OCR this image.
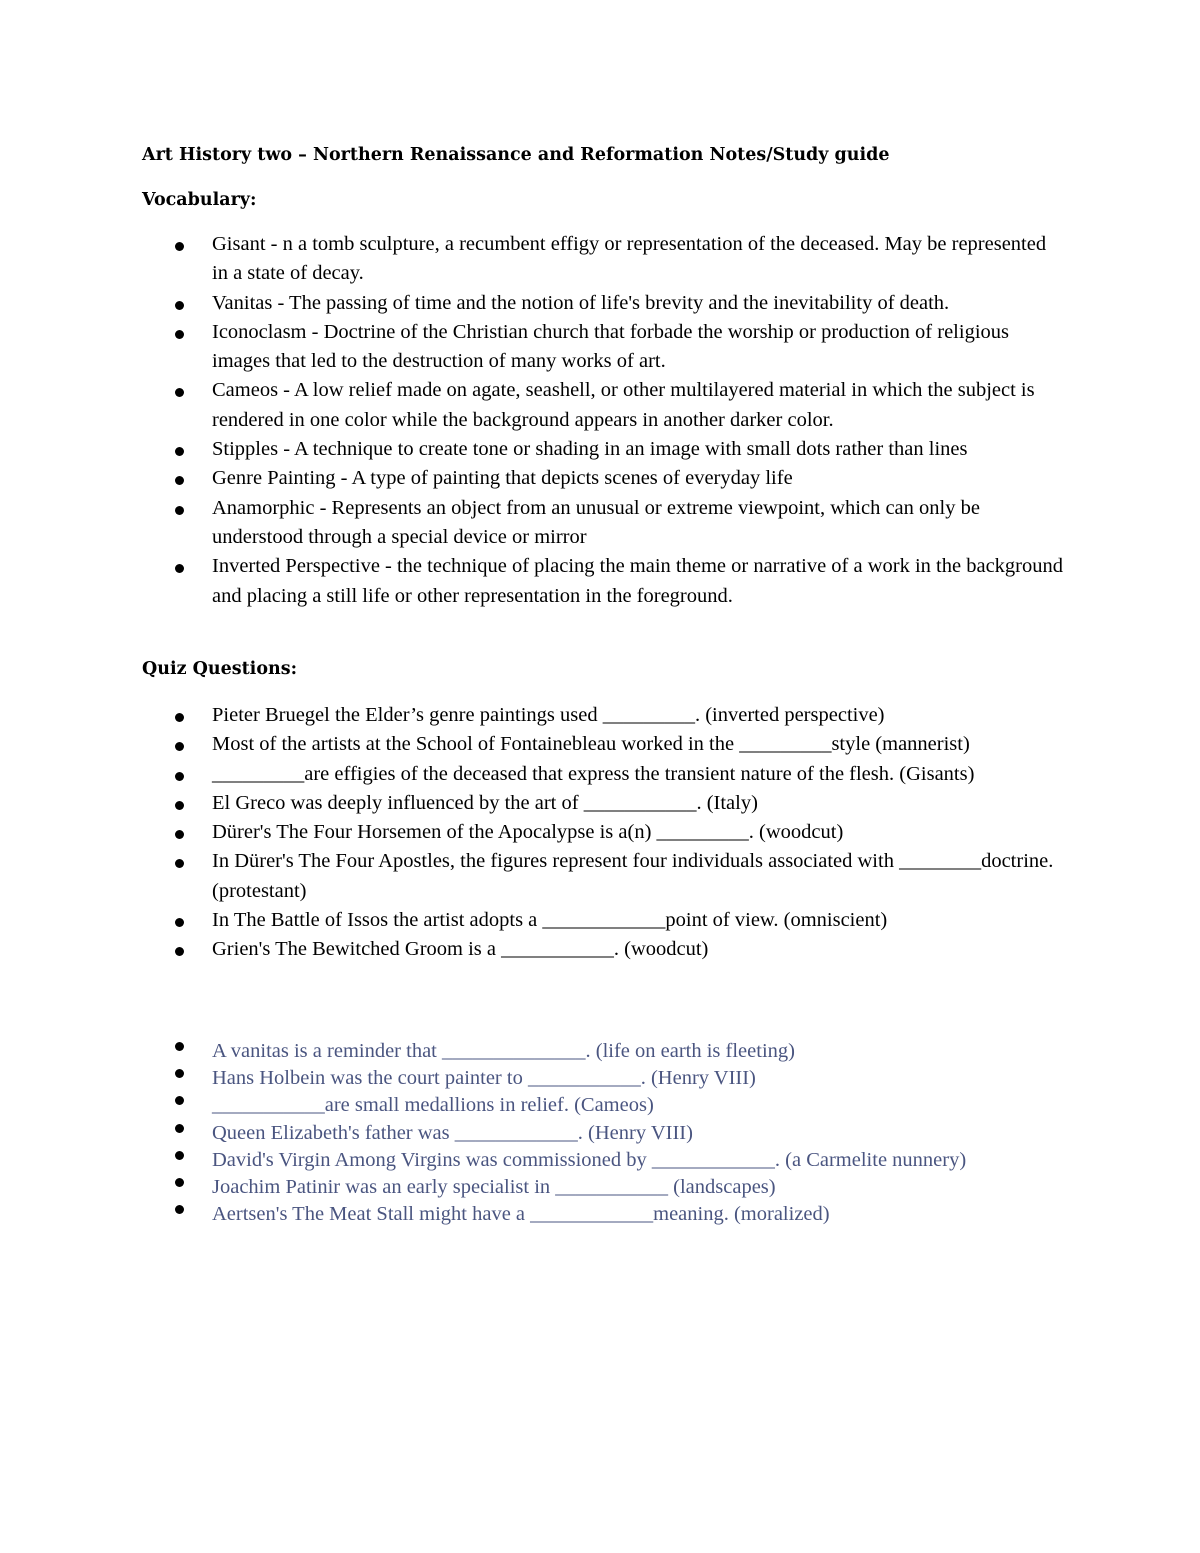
Art History two – Northern Renaissance and Reformation Notes/Study guide
Vocabulary:
Gisant - n a tomb sculpture, a recumbent effigy or representation of the deceased. May be represented in a state of decay.
Vanitas - The passing of time and the notion of life's brevity and the inevitability of death.
Iconoclasm - Doctrine of the Christian church that forbade the worship or production of religious images that led to the destruction of many works of art.
Cameos - A low relief made on agate, seashell, or other multilayered material in which the subject is rendered in one color while the background appears in another darker color.
Stipples - A technique to create tone or shading in an image with small dots rather than lines
Genre Painting - A type of painting that depicts scenes of everyday life
Anamorphic - Represents an object from an unusual or extreme viewpoint, which can only be understood through a special device or mirror
Inverted Perspective - the technique of placing the main theme or narrative of a work in the background and placing a still life or other representation in the foreground.
Quiz Questions:
Pieter Bruegel the Elder’s genre paintings used _________. (inverted perspective)
Most of the artists at the School of Fontainebleau worked in the _________style (mannerist)
_________are effigies of the deceased that express the transient nature of the flesh. (Gisants)
El Greco was deeply influenced by the art of ___________. (Italy)
Dürer's The Four Horsemen of the Apocalypse is a(n) _________. (woodcut)
In Dürer's The Four Apostles, the figures represent four individuals associated with ________doctrine. (protestant)
In The Battle of Issos the artist adopts a ____________point of view. (omniscient)
Grien's The Bewitched Groom is a ___________. (woodcut)
A vanitas is a reminder that ______________. (life on earth is fleeting)
Hans Holbein was the court painter to ___________. (Henry VIII)
___________are small medallions in relief. (Cameos)
Queen Elizabeth's father was ____________. (Henry VIII)
David's Virgin Among Virgins was commissioned by ____________. (a Carmelite nunnery)
Joachim Patinir was an early specialist in ___________ (landscapes)
Aertsen's The Meat Stall might have a ____________meaning. (moralized)
